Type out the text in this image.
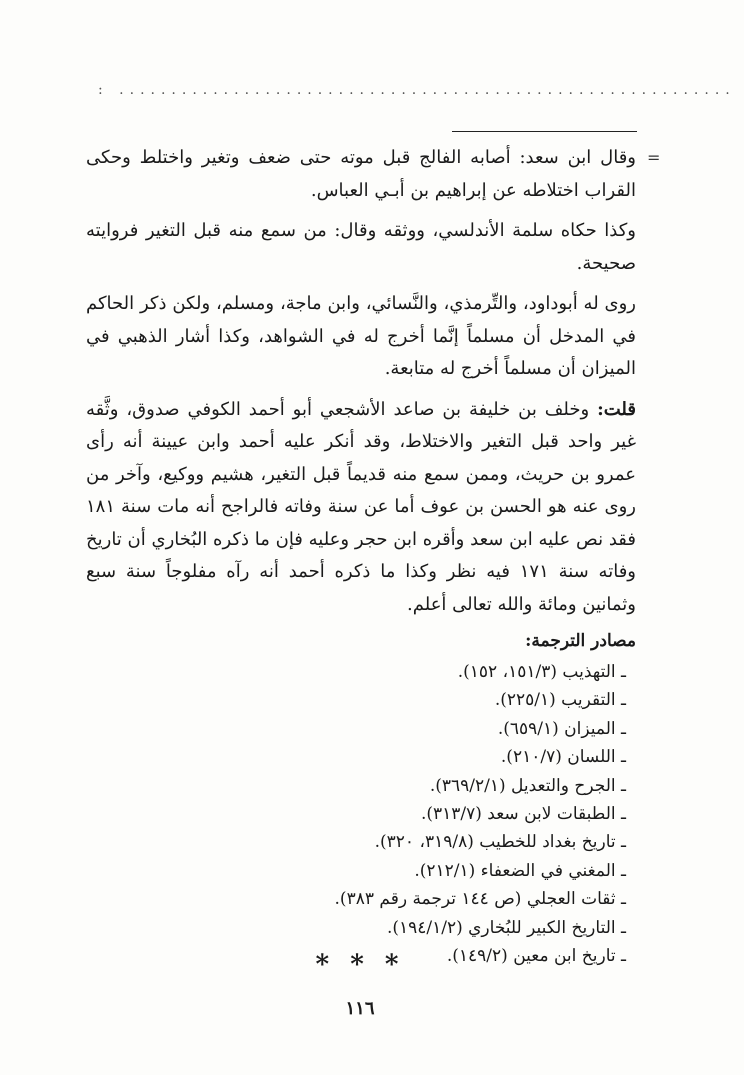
: ...........................................................
=

وقال ابن سعد: أصابه الفالج قبل موته حتى ضعف وتغير واختلط وحكى القراب اختلاطه عن إبراهيم بن أبـي العباس.

وكذا حكاه سلمة الأندلسي، ووثقه وقال: من سمع منه قبل التغير فروايته صحيحة.

روى له أبوداود، والتِّرمذي، والنَّسائي، وابن ماجة، ومسلم، ولكن ذكر الحاكم في المدخل أن مسلماً إنَّما أخرج له في الشواهد، وكذا أشار الذهبي في الميزان أن مسلماً أخرج له متابعة.

قلت: وخلف بن خليفة بن صاعد الأشجعي أبو أحمد الكوفي صدوق، وثَّقه غير واحد قبل التغير والاختلاط، وقد أنكر عليه أحمد وابن عيينة أنه رأى عمرو بن حريث، وممن سمع منه قديماً قبل التغير، هشيم ووكيع، وآخر من روى عنه هو الحسن بن عوف أما عن سنة وفاته فالراجح أنه مات سنة ١٨١ فقد نص عليه ابن سعد وأقره ابن حجر وعليه فإن ما ذكره البُخاري أن تاريخ وفاته سنة ١٧١ فيه نظر وكذا ما ذكره أحمد أنه رآه مفلوجاً سنة سبع وثمانين ومائة والله تعالى أعلم.

مصادر الترجمة:
ـ التهذيب (١٥١/٣، ١٥٢).
ـ التقريب (٢٢٥/١).
ـ الميزان (٦٥٩/١).
ـ اللسان (٢١٠/٧).
ـ الجرح والتعديل (٣٦٩/٢/١).
ـ الطبقات لابن سعد (٣١٣/٧).
ـ تاريخ بغداد للخطيب (٣١٩/٨، ٣٢٠).
ـ المغني في الضعفاء (٢١٢/١).
ـ ثقات العجلي (ص ١٤٤ ترجمة رقم ٣٨٣).
ـ التاريخ الكبير للبُخاري (١٩٤/١/٢).
ـ تاريخ ابن معين (١٤٩/٢).
* * *
١١٦
